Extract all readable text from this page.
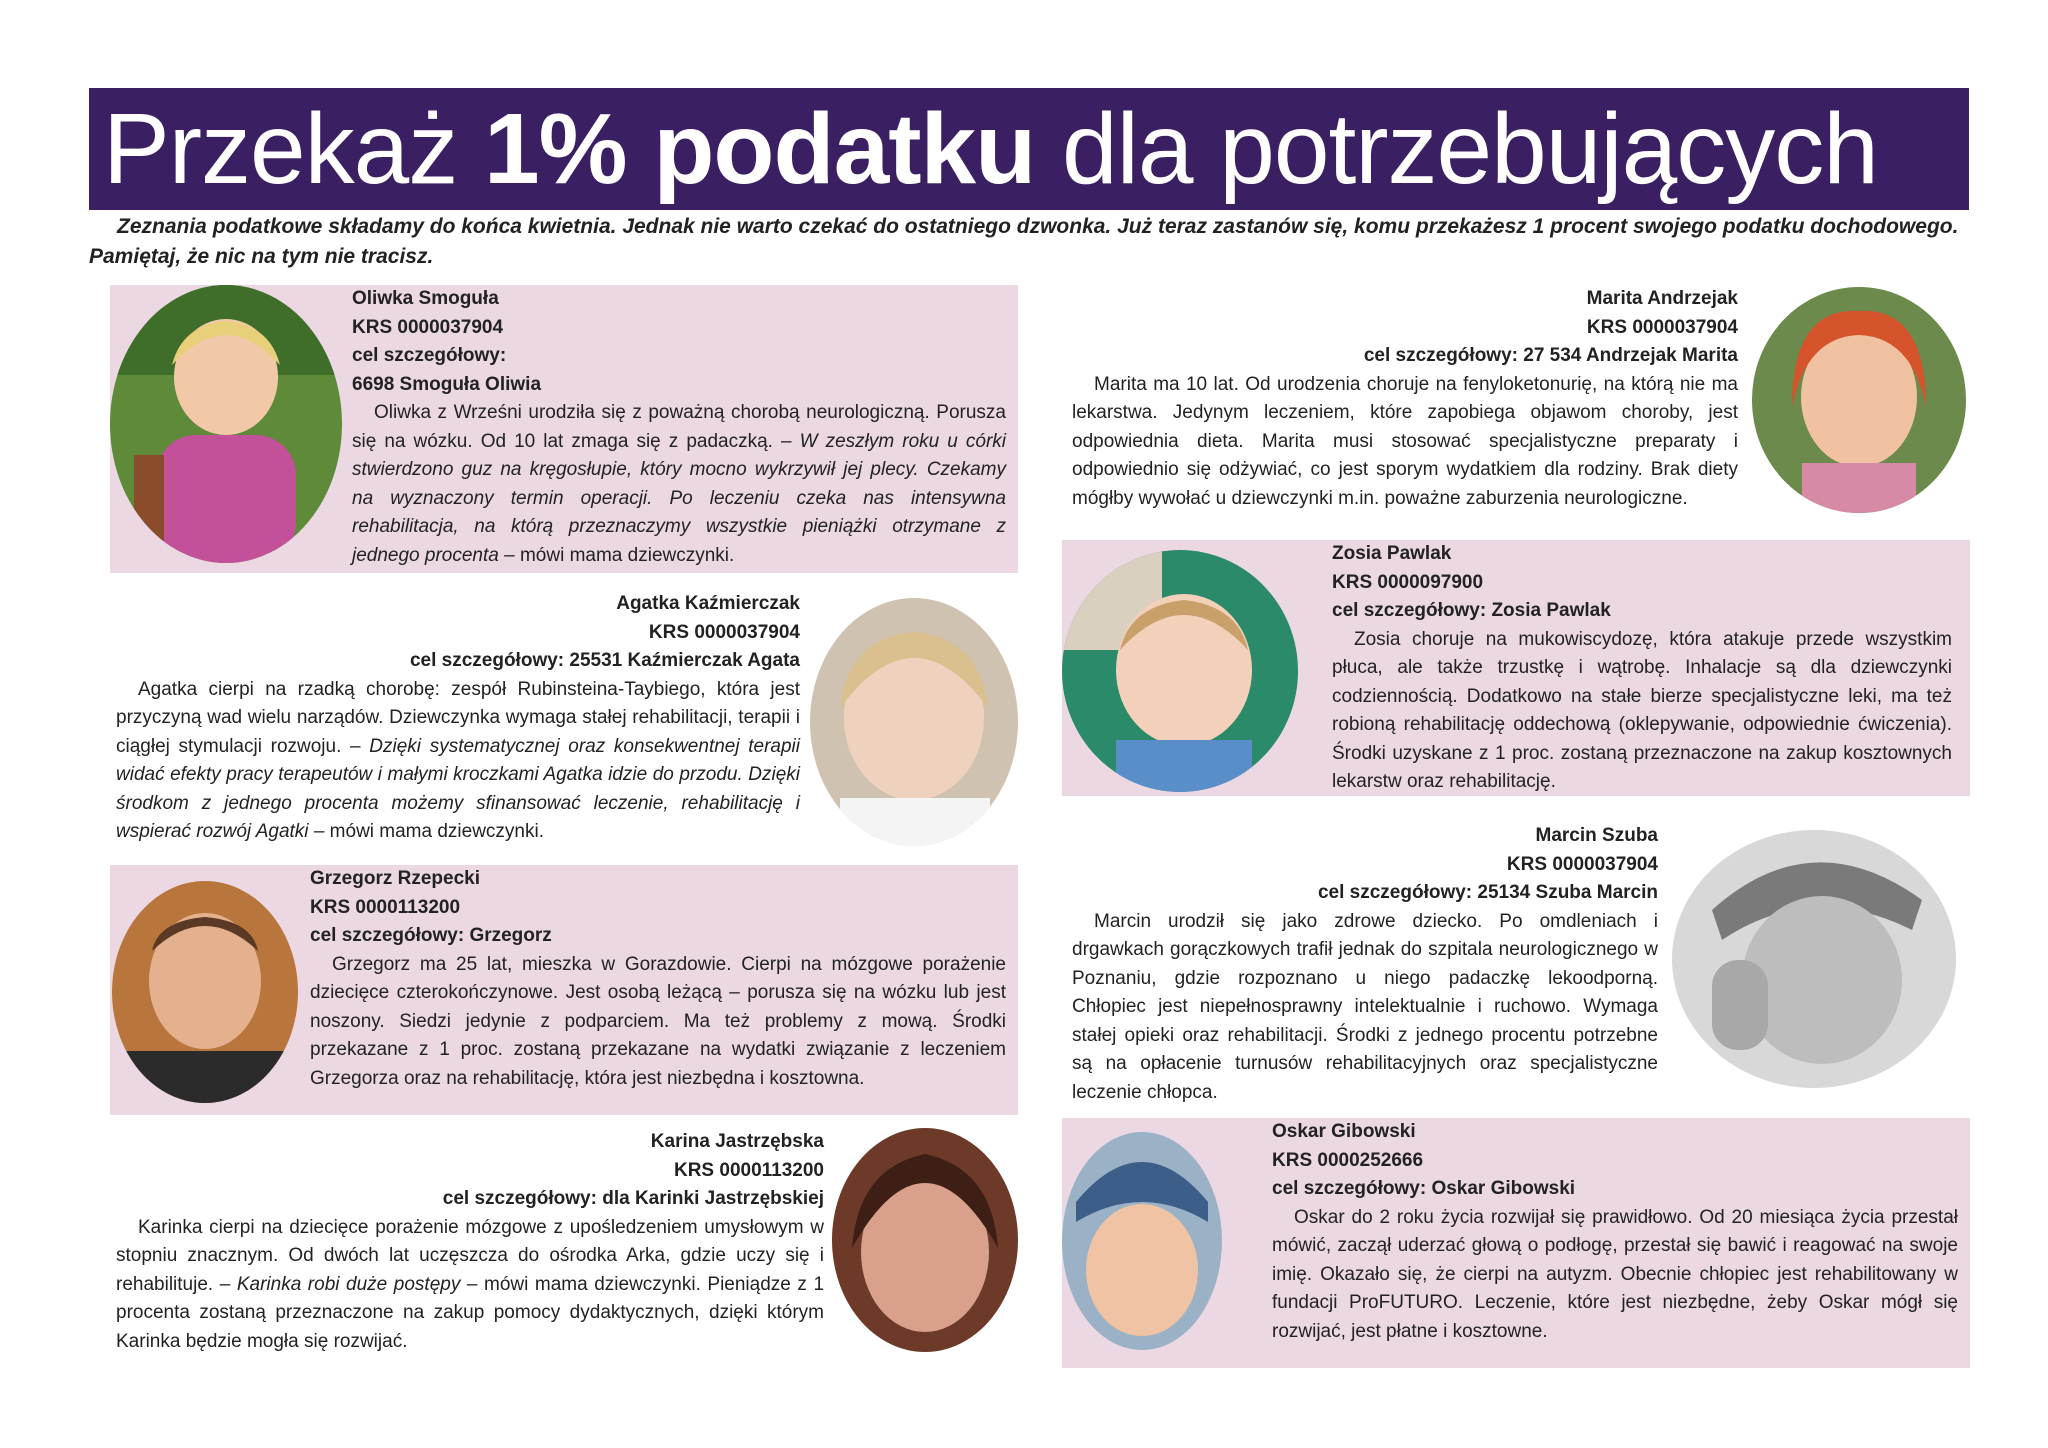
Przekaż 1% podatku dla potrzebujących
Zeznania podatkowe składamy do końca kwietnia. Jednak nie warto czekać do ostatniego dzwonka. Już teraz zastanów się, komu przekażesz 1 procent swojego podatku dochodowego. Pamiętaj, że nic na tym nie tracisz.
Oliwka Smoguła
KRS 0000037904
cel szczegółowy:
6698 Smoguła Oliwia
Oliwka z Wrześni urodziła się z poważną chorobą neurologiczną. Porusza się na wózku. Od 10 lat zmaga się z padaczką. – W zeszłym roku u córki stwierdzono guz na kręgosłupie, który mocno wykrzywił jej plecy. Czekamy na wyznaczony termin operacji. Po leczeniu czeka nas intensywna rehabilitacja, na którą przeznaczymy wszystkie pieniążki otrzymane z jednego procenta – mówi mama dziewczynki.
Agatka Kaźmierczak
KRS 0000037904
cel szczegółowy: 25531 Kaźmierczak Agata
Agatka cierpi na rzadką chorobę: zespół Rubinsteina-Taybiego, która jest przyczyną wad wielu narządów. Dziewczynka wymaga stałej rehabilitacji, terapii i ciągłej stymulacji rozwoju. – Dzięki systematycznej oraz konsekwentnej terapii widać efekty pracy terapeutów i małymi kroczkami Agatka idzie do przodu. Dzięki środkom z jednego procenta możemy sfinansować leczenie, rehabilitację i wspierać rozwój Agatki – mówi mama dziewczynki.
Grzegorz Rzepecki
KRS 0000113200
cel szczegółowy: Grzegorz
Grzegorz ma 25 lat, mieszka w Gorazdowie. Cierpi na mózgowe porażenie dziecięce czterokończynowe. Jest osobą leżącą – porusza się na wózku lub jest noszony. Siedzi jedynie z podparciem. Ma też problemy z mową. Środki przekazane z 1 proc. zostaną przekazane na wydatki związanie z leczeniem Grzegorza oraz na rehabilitację, która jest niezbędna i kosztowna.
Karina Jastrzębska
KRS 0000113200
cel szczegółowy: dla Karinki Jastrzębskiej
Karinka cierpi na dziecięce porażenie mózgowe z upośledzeniem umysłowym w stopniu znacznym. Od dwóch lat uczęszcza do ośrodka Arka, gdzie uczy się i rehabilituje. – Karinka robi duże postępy – mówi mama dziewczynki. Pieniądze z 1 procenta zostaną przeznaczone na zakup pomocy dydaktycznych, dzięki którym Karinka będzie mogła się rozwijać.
Marita Andrzejak
KRS 0000037904
cel szczegółowy: 27 534 Andrzejak Marita
Marita ma 10 lat. Od urodzenia choruje na fenyloketonurię, na którą nie ma lekarstwa. Jedynym leczeniem, które zapobiega objawom choroby, jest odpowiednia dieta. Marita musi stosować specjalistyczne preparaty i odpowiednio się odżywiać, co jest sporym wydatkiem dla rodziny. Brak diety mógłby wywołać u dziewczynki m.in. poważne zaburzenia neurologiczne.
Zosia Pawlak
KRS 0000097900
cel szczegółowy: Zosia Pawlak
Zosia choruje na mukowiscydozę, która atakuje przede wszystkim płuca, ale także trzustkę i wątrobę. Inhalacje są dla dziewczynki codziennością. Dodatkowo na stałe bierze specjalistyczne leki, ma też robioną rehabilitację oddechową (oklepywanie, odpowiednie ćwiczenia). Środki uzyskane z 1 proc. zostaną przeznaczone na zakup kosztownych lekarstw oraz rehabilitację.
Marcin Szuba
KRS 0000037904
cel szczegółowy: 25134 Szuba Marcin
Marcin urodził się jako zdrowe dziecko. Po omdleniach i drgawkach gorączkowych trafił jednak do szpitala neurologicznego w Poznaniu, gdzie rozpoznano u niego padaczkę lekoodporną. Chłopiec jest niepełnosprawny intelektualnie i ruchowo. Wymaga stałej opieki oraz rehabilitacji. Środki z jednego procentu potrzebne są na opłacenie turnusów rehabilitacyjnych oraz specjalistyczne leczenie chłopca.
Oskar Gibowski
KRS 0000252666
cel szczegółowy: Oskar Gibowski
Oskar do 2 roku życia rozwijał się prawidłowo. Od 20 miesiąca życia przestał mówić, zaczął uderzać głową o podłogę, przestał się bawić i reagować na swoje imię. Okazało się, że cierpi na autyzm. Obecnie chłopiec jest rehabilitowany w fundacji ProFUTURO. Leczenie, które jest niezbędne, żeby Oskar mógł się rozwijać, jest płatne i kosztowne.
